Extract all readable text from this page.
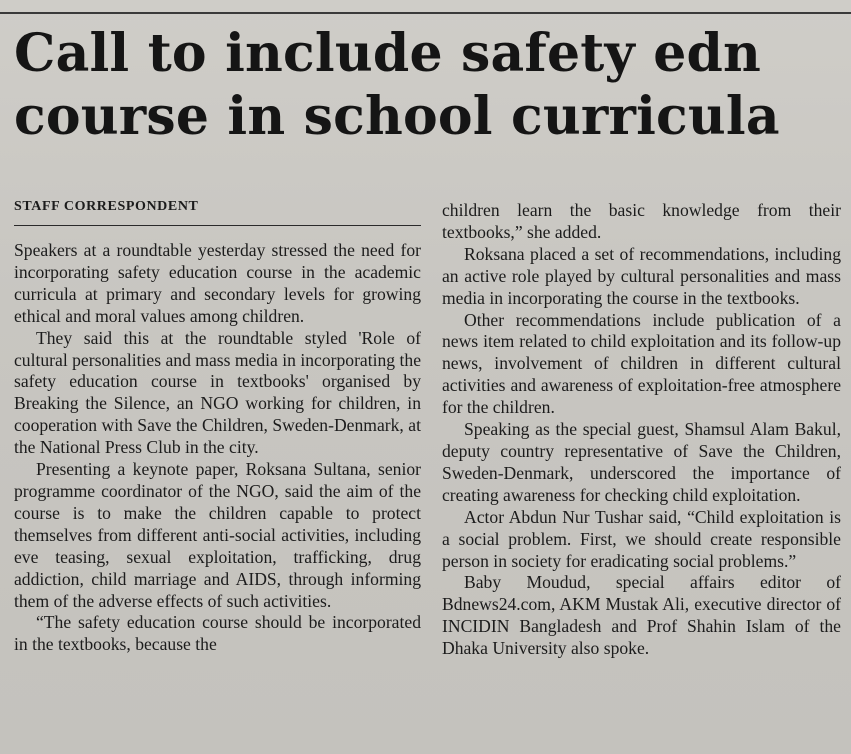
Call to include safety edn course in school curricula
STAFF CORRESPONDENT

Speakers at a roundtable yesterday stressed the need for incorporating safety education course in the academic curricula at primary and secondary levels for growing ethical and moral values among children.

They said this at the roundtable styled 'Role of cultural personalities and mass media in incorporating the safety education course in textbooks' organised by Breaking the Silence, an NGO working for children, in cooperation with Save the Children, Sweden-Denmark, at the National Press Club in the city.

Presenting a keynote paper, Roksana Sultana, senior programme coordinator of the NGO, said the aim of the course is to make the children capable to protect themselves from different anti-social activities, including eve teasing, sexual exploitation, trafficking, drug addiction, child marriage and AIDS, through informing them of the adverse effects of such activities.

“The safety education course should be incorporated in the textbooks, because the

children learn the basic knowledge from their textbooks,” she added.

Roksana placed a set of recommendations, including an active role played by cultural personalities and mass media in incorporating the course in the textbooks.

Other recommendations include publication of a news item related to child exploitation and its follow-up news, involvement of children in different cultural activities and awareness of exploitation-free atmosphere for the children.

Speaking as the special guest, Shamsul Alam Bakul, deputy country representative of Save the Children, Sweden-Denmark, underscored the importance of creating awareness for checking child exploitation.

Actor Abdun Nur Tushar said, “Child exploitation is a social problem. First, we should create responsible person in society for eradicating social problems.”

Baby Moudud, special affairs editor of Bdnews24.com, AKM Mustak Ali, executive director of INCIDIN Bangladesh and Prof Shahin Islam of the Dhaka University also spoke.
